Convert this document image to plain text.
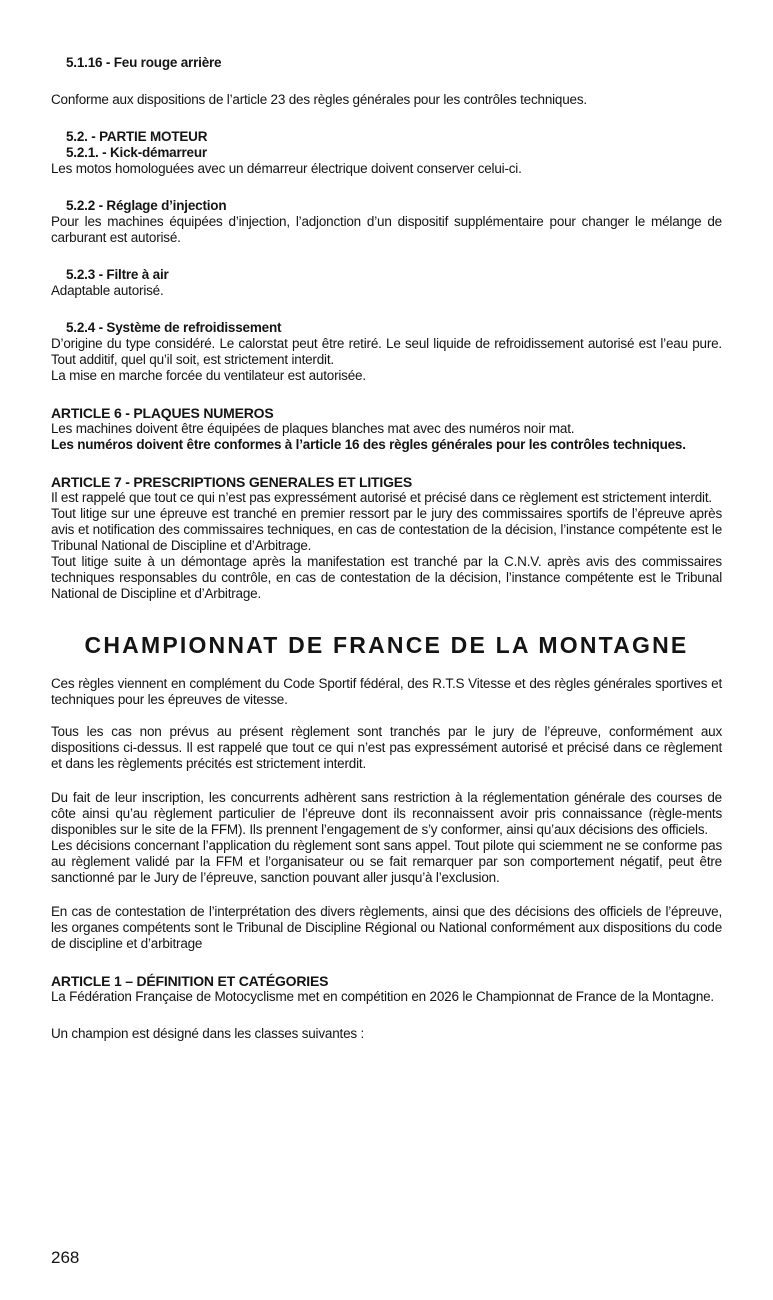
5.1.16 - Feu rouge arrière
Conforme aux dispositions de l’article 23 des règles générales pour les contrôles techniques.
5.2. - PARTIE MOTEUR
5.2.1. - Kick-démarreur
Les motos homologuées avec un démarreur électrique doivent conserver celui-ci.
5.2.2 - Réglage d’injection
Pour les machines équipées d’injection, l’adjonction d’un dispositif supplémentaire pour changer le mélange de carburant est autorisé.
5.2.3 - Filtre à air
Adaptable autorisé.
5.2.4 - Système de refroidissement
D’origine du type considéré. Le calorstat peut être retiré. Le seul liquide de refroidissement autorisé est l’eau pure. Tout additif, quel qu’il soit, est strictement interdit.
La mise en marche forcée du ventilateur est autorisée.
ARTICLE 6 - PLAQUES NUMEROS
Les machines doivent être équipées de plaques blanches mat avec des numéros noir mat.
Les numéros doivent être conformes à l’article 16 des règles générales pour les contrôles techniques.
ARTICLE 7 - PRESCRIPTIONS GENERALES ET LITIGES
Il est rappelé que tout ce qui n’est pas expressément autorisé et précisé dans ce règlement est strictement interdit.
Tout litige sur une épreuve est tranché en premier ressort par le jury des commissaires sportifs de l’épreuve après avis et notification des commissaires techniques, en cas de contestation de la décision, l’instance compétente est le Tribunal National de Discipline et d’Arbitrage.
Tout litige suite à un démontage après la manifestation est tranché par la C.N.V. après avis des commissaires techniques responsables du contrôle, en cas de contestation de la décision, l’instance compétente est le Tribunal National de Discipline et d’Arbitrage.
CHAMPIONNAT DE FRANCE DE LA MONTAGNE
Ces règles viennent en complément du Code Sportif fédéral, des R.T.S Vitesse et des règles générales sportives et techniques pour les épreuves de vitesse.
Tous les cas non prévus au présent règlement sont tranchés par le jury de l’épreuve, conformément aux dispositions ci-dessus. Il est rappelé que tout ce qui n’est pas expressément autorisé et précisé dans ce règlement et dans les règlements précités est strictement interdit.
Du fait de leur inscription, les concurrents adhèrent sans restriction à la réglementation générale des courses de côte ainsi qu’au règlement particulier de l’épreuve dont ils reconnaissent avoir pris connaissance (règle-ments disponibles sur le site de la FFM). Ils prennent l’engagement de s’y conformer, ainsi qu’aux décisions des officiels.
Les décisions concernant l’application du règlement sont sans appel. Tout pilote qui sciemment ne se conforme pas au règlement validé par la FFM et l’organisateur ou se fait remarquer par son comportement négatif, peut être sanctionné par le Jury de l’épreuve, sanction pouvant aller jusqu’à l’exclusion.
En cas de contestation de l’interprétation des divers règlements, ainsi que des décisions des officiels de l’épreuve, les organes compétents sont le Tribunal de Discipline Régional ou National conformément aux dispositions du code de discipline et d’arbitrage
ARTICLE 1 – DÉFINITION ET CATÉGORIES
La Fédération Française de Motocyclisme met en compétition en 2026 le Championnat de France de la Montagne.
Un champion est désigné dans les classes suivantes :
268
